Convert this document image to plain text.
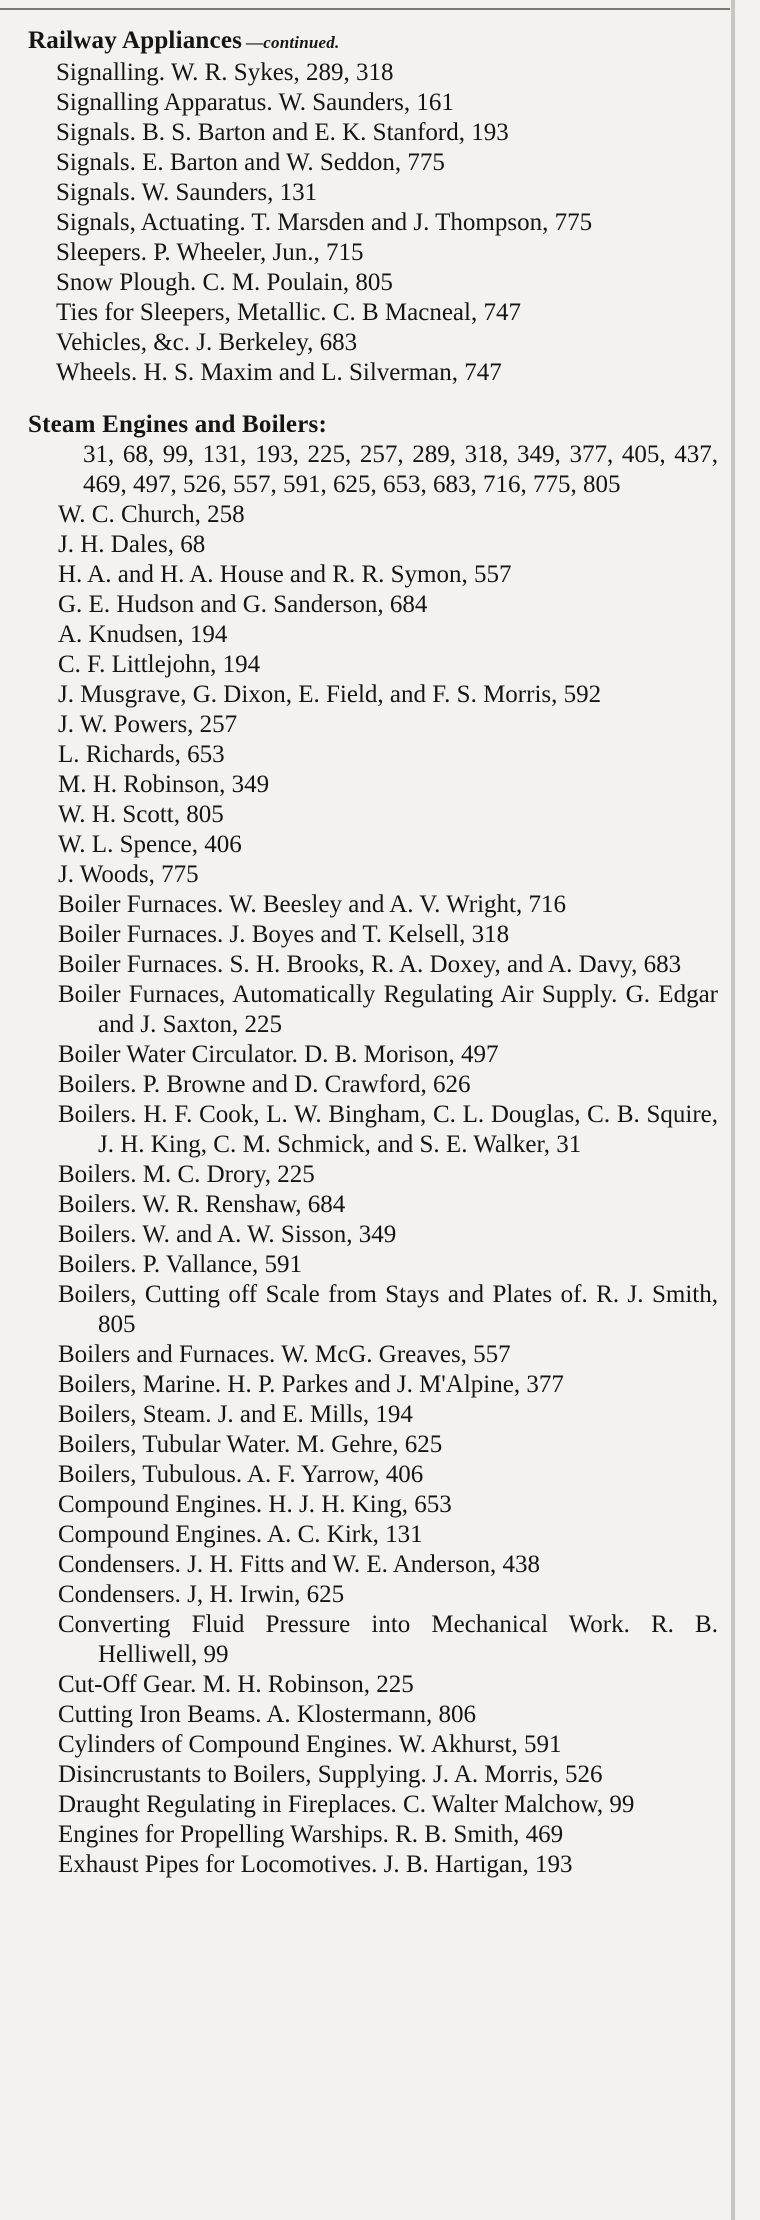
Railway Appliances —continued.
Signalling. W. R. Sykes, 289, 318
Signalling Apparatus. W. Saunders, 161
Signals. B. S. Barton and E. K. Stanford, 193
Signals. E. Barton and W. Seddon, 775
Signals. W. Saunders, 131
Signals, Actuating. T. Marsden and J. Thompson, 775
Sleepers. P. Wheeler, Jun., 715
Snow Plough. C. M. Poulain, 805
Ties for Sleepers, Metallic. C. B Macneal, 747
Vehicles, &c. J. Berkeley, 683
Wheels. H. S. Maxim and L. Silverman, 747
Steam Engines and Boilers:
31, 68, 99, 131, 193, 225, 257, 289, 318, 349, 377, 405, 437, 469, 497, 526, 557, 591, 625, 653, 683, 716, 775, 805
W. C. Church, 258
J. H. Dales, 68
H. A. and H. A. House and R. R. Symon, 557
G. E. Hudson and G. Sanderson, 684
A. Knudsen, 194
C. F. Littlejohn, 194
J. Musgrave, G. Dixon, E. Field, and F. S. Morris, 592
J. W. Powers, 257
L. Richards, 653
M. H. Robinson, 349
W. H. Scott, 805
W. L. Spence, 406
J. Woods, 775
Boiler Furnaces. W. Beesley and A. V. Wright, 716
Boiler Furnaces. J. Boyes and T. Kelsell, 318
Boiler Furnaces. S. H. Brooks, R. A. Doxey, and A. Davy, 683
Boiler Furnaces, Automatically Regulating Air Supply. G. Edgar and J. Saxton, 225
Boiler Water Circulator. D. B. Morison, 497
Boilers. P. Browne and D. Crawford, 626
Boilers. H. F. Cook, L. W. Bingham, C. L. Douglas, C. B. Squire, J. H. King, C. M. Schmick, and S. E. Walker, 31
Boilers. M. C. Drory, 225
Boilers. W. R. Renshaw, 684
Boilers. W. and A. W. Sisson, 349
Boilers. P. Vallance, 591
Boilers, Cutting off Scale from Stays and Plates of. R. J. Smith, 805
Boilers and Furnaces. W. McG. Greaves, 557
Boilers, Marine. H. P. Parkes and J. M'Alpine, 377
Boilers, Steam. J. and E. Mills, 194
Boilers, Tubular Water. M. Gehre, 625
Boilers, Tubulous. A. F. Yarrow, 406
Compound Engines. H. J. H. King, 653
Compound Engines. A. C. Kirk, 131
Condensers. J. H. Fitts and W. E. Anderson, 438
Condensers. J, H. Irwin, 625
Converting Fluid Pressure into Mechanical Work. R. B. Helliwell, 99
Cut-Off Gear. M. H. Robinson, 225
Cutting Iron Beams. A. Klostermann, 806
Cylinders of Compound Engines. W. Akhurst, 591
Disincrustants to Boilers, Supplying. J. A. Morris, 526
Draught Regulating in Fireplaces. C. Walter Malchow, 99
Engines for Propelling Warships. R. B. Smith, 469
Exhaust Pipes for Locomotives. J. B. Hartigan, 193
